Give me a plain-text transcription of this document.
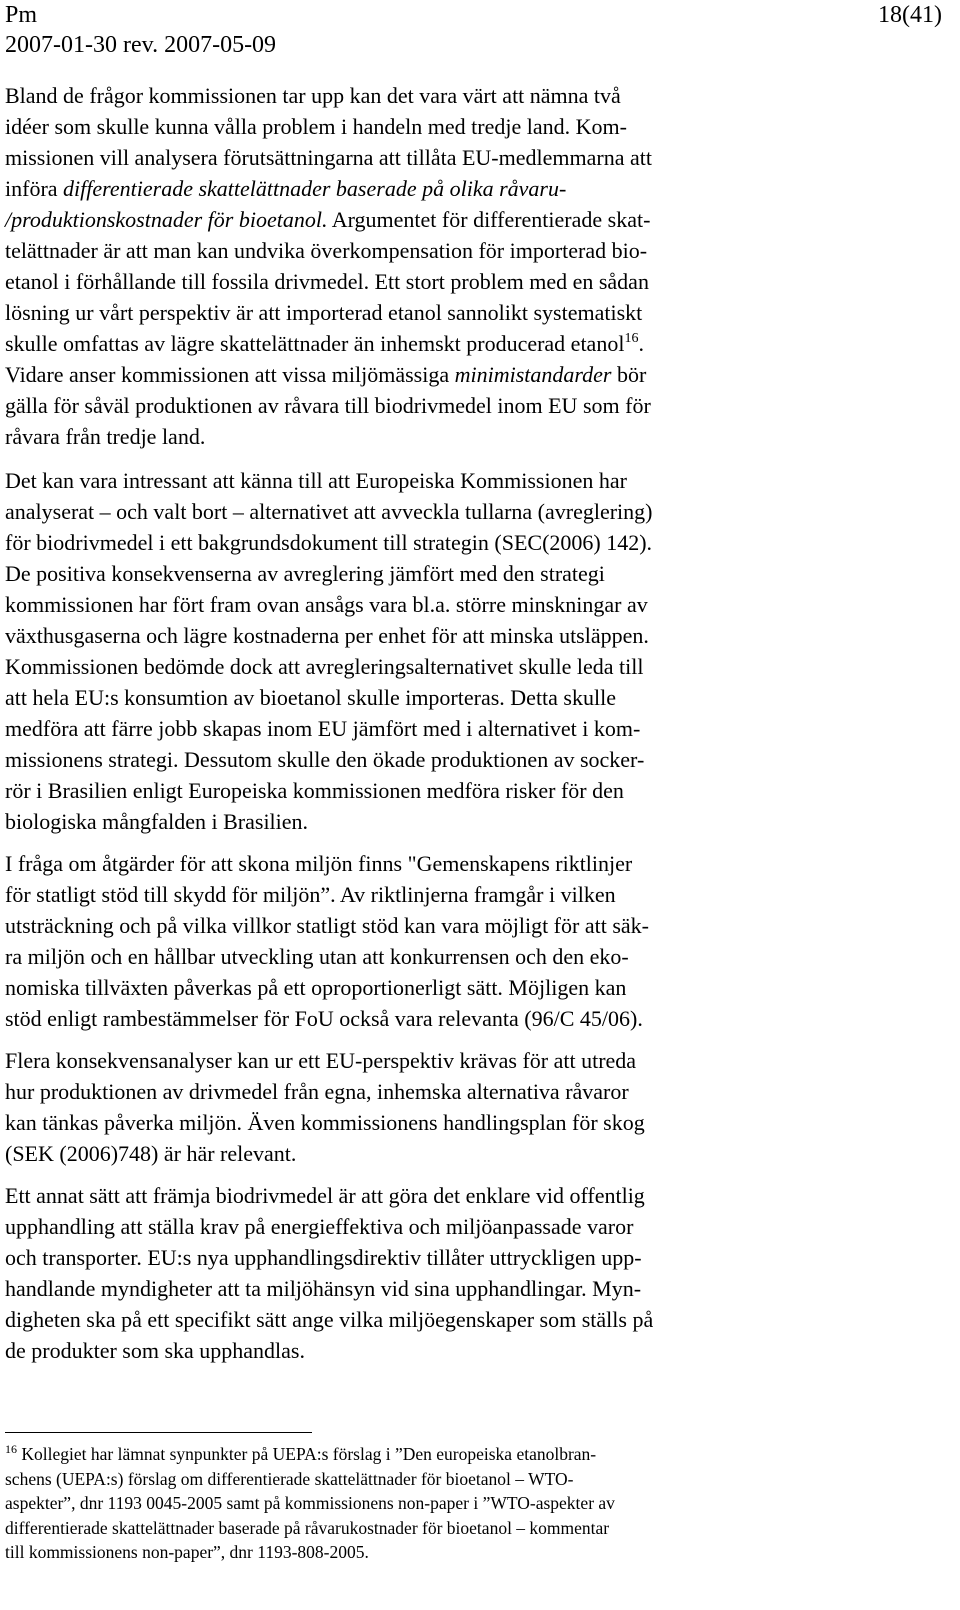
Pm
2007-01-30 rev. 2007-05-09
18(41)

Bland de frågor kommissionen tar upp kan det vara värt att nämna två
idéer som skulle kunna vålla problem i handeln med tredje land. Kom-
missionen vill analysera förutsättningarna att tillåta EU-medlemmarna att
införa differentierade skattelättnader baserade på olika råvaru-
/produktionskostnader för bioetanol. Argumentet för differentierade skat-
telättnader är att man kan undvika överkompensation för importerad bio-
etanol i förhållande till fossila drivmedel. Ett stort problem med en sådan
lösning ur vårt perspektiv är att importerad etanol sannolikt systematiskt
skulle omfattas av lägre skattelättnader än inhemskt producerad etanol$^{16}$.
Vidare anser kommissionen att vissa miljömässiga minimistandarder bör
gälla för såväl produktionen av råvara till biodrivmedel inom EU som för
råvara från tredje land.

Det kan vara intressant att känna till att Europeiska Kommissionen har
analyserat – och valt bort – alternativet att avveckla tullarna (avreglering)
för biodrivmedel i ett bakgrundsdokument till strategin (SEC(2006) 142).
De positiva konsekvenserna av avreglering jämfört med den strategi
kommissionen har fört fram ovan ansågs vara bl.a. större minskningar av
växthusgaserna och lägre kostnaderna per enhet för att minska utsläppen.
Kommissionen bedömde dock att avregleringsalternativet skulle leda till
att hela EU:s konsumtion av bioetanol skulle importeras. Detta skulle
medföra att färre jobb skapas inom EU jämfört med i alternativet i kom-
missionens strategi. Dessutom skulle den ökade produktionen av socker-
rör i Brasilien enligt Europeiska kommissionen medföra risker för den
biologiska mångfalden i Brasilien.

I fråga om åtgärder för att skona miljön finns "Gemenskapens riktlinjer
för statligt stöd till skydd för miljön”. Av riktlinjerna framgår i vilken
utsträckning och på vilka villkor statligt stöd kan vara möjligt för att säk-
ra miljön och en hållbar utveckling utan att konkurrensen och den eko-
nomiska tillväxten påverkas på ett oproportionerligt sätt. Möjligen kan
stöd enligt rambestämmelser för FoU också vara relevanta (96/C 45/06).

Flera konsekvensanalyser kan ur ett EU-perspektiv krävas för att utreda
hur produktionen av drivmedel från egna, inhemska alternativa råvaror
kan tänkas påverka miljön. Även kommissionens handlingsplan för skog
(SEK (2006)748) är här relevant.

Ett annat sätt att främja biodrivmedel är att göra det enklare vid offentlig
upphandling att ställa krav på energieffektiva och miljöanpassade varor
och transporter. EU:s nya upphandlingsdirektiv tillåter uttryckligen upp-
handlande myndigheter att ta miljöhänsyn vid sina upphandlingar. Myn-
digheten ska på ett specifikt sätt ange vilka miljöegenskaper som ställs på
de produkter som ska upphandlas.

$^{16}$ Kollegiet har lämnat synpunkter på UEPA:s förslag i ”Den europeiska etanolbran-
schens (UEPA:s) förslag om differentierade skattelättnader för bioetanol – WTO-
aspekter”, dnr 1193 0045-2005 samt på kommissionens non-paper i ”WTO-aspekter av
differentierade skattelättnader baserade på råvarukostnader för bioetanol – kommentar
till kommissionens non-paper”, dnr 1193-808-2005.
